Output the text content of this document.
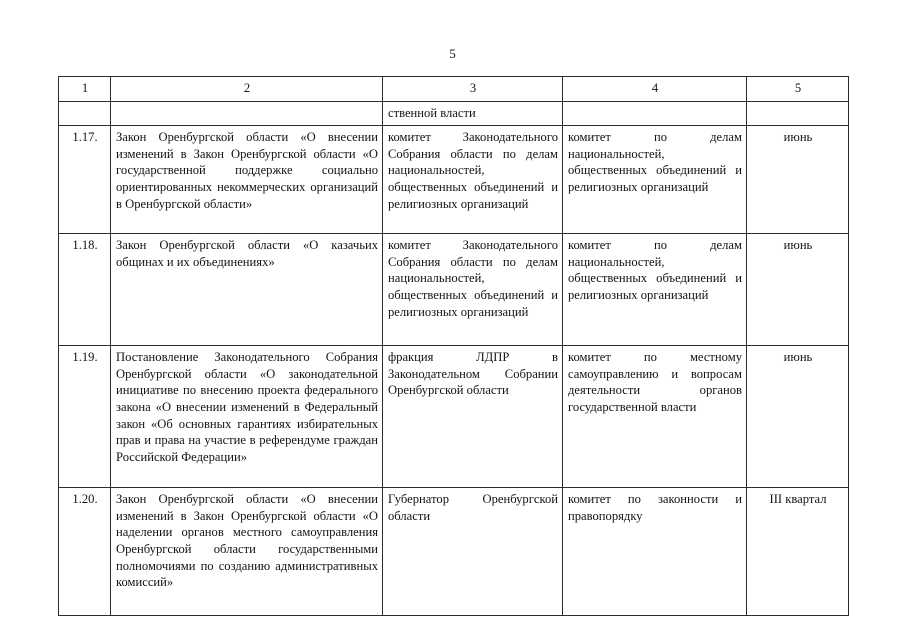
5
1	2	3	4	5
		ственной власти		
1.17.	Закон Оренбургской области «О внесении изменений в Закон Оренбургской области «О государственной поддержке социально ориентированных некоммерческих организаций в Оренбургской области»	комитет Законодательного Собрания области по делам национальностей, общественных объединений и религиозных организаций	комитет по делам национальностей, общественных объединений и религиозных организаций	июнь
1.18.	Закон Оренбургской области «О казачьих общинах и их объединениях»	комитет Законодательного Собрания области по делам национальностей, общественных объединений и религиозных организаций	комитет по делам национальностей, общественных объединений и религиозных организаций	июнь
1.19.	Постановление Законодательного Собрания Оренбургской области «О законодательной инициативе по внесению проекта федерального закона «О внесении изменений в Федеральный закон «Об основных гарантиях избирательных прав и права на участие в референдуме граждан Российской Федерации»	фракция ЛДПР в Законодательном Собрании Оренбургской области	комитет по местному самоуправлению и вопросам деятельности органов государственной власти	июнь
1.20.	Закон Оренбургской области «О внесении изменений в Закон Оренбургской области «О наделении органов местного самоуправления Оренбургской области государственными полномочиями по созданию административных комиссий»	Губернатор Оренбургской области	комитет по законности и правопорядку	III квартал
